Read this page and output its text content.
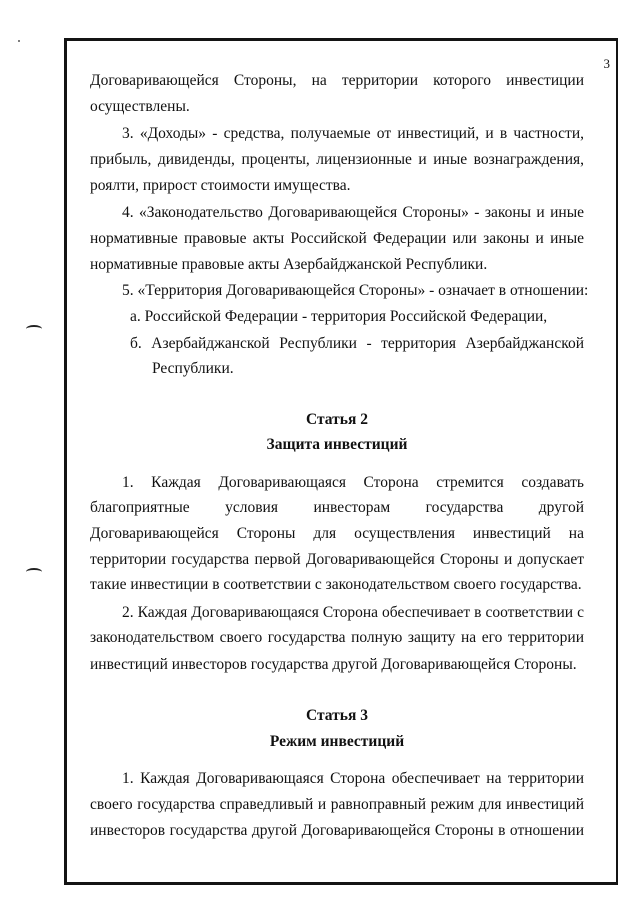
3
Договаривающейся Стороны, на территории которого инвестиции
осуществлены.
3. «Доходы» - средства, получаемые от инвестиций, и в частности,
прибыль, дивиденды, проценты, лицензионные и иные вознаграждения,
роялти, прирост стоимости имущества.
4. «Законодательство Договаривающейся Стороны» - законы и иные
нормативные правовые акты Российской Федерации или законы и иные
нормативные правовые акты Азербайджанской Республики.
5. «Территория Договаривающейся Стороны» - означает в отношении:
a. Российской Федерации - территория Российской Федерации,
б. Азербайджанской Республики - территория Азербайджанской
Республики.
Статья 2
Защита инвестиций
1. Каждая Договаривающаяся Сторона стремится создавать
благоприятные условия инвесторам государства другой
Договаривающейся Стороны для осуществления инвестиций на
территории государства первой Договаривающейся Стороны и допускает
такие инвестиции в соответствии с законодательством своего государства.
2. Каждая Договаривающаяся Сторона обеспечивает в соответствии с
законодательством своего государства полную защиту на его территории
инвестиций инвесторов государства другой Договаривающейся Стороны.
Статья 3
Режим инвестиций
1. Каждая Договаривающаяся Сторона обеспечивает на территории
своего государства справедливый и равноправный режим для инвестиций
инвесторов государства другой Договаривающейся Стороны в отношении
